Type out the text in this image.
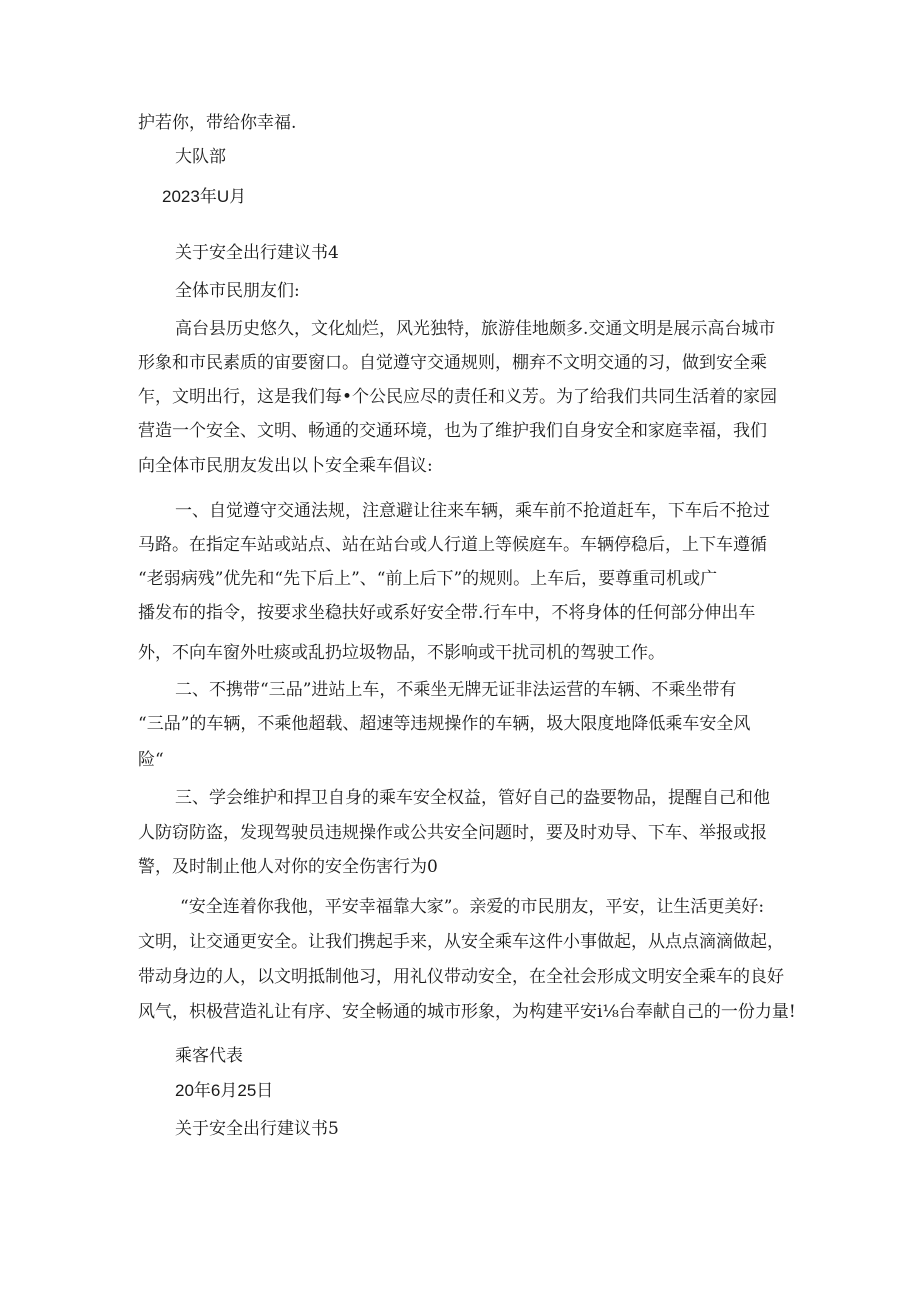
护若你，带给你幸福.
大队部
2023年U月
关于安全出行建议书4
全体市民朋友们:
高台县历史悠久，文化灿烂，风光独特，旅游佳地颇多.交通文明是展示高台城市
形象和市民素质的宙要窗口。自觉遵守交通规则，棚弃不文明交通的习，做到安全乘
乍，文明出行，这是我们每•个公民应尽的责任和义芳。为了给我们共同生活着的家园
营造一个安全、文明、畅通的交通环境，也为了维护我们自身安全和家庭幸福，我们
向全体市民朋友发出以卜安全乘车倡议:
一、自觉遵守交通法规，注意避让往来车辆，乘车前不抢道赶车，下车后不抢过
马路。在指定车站或站点、站在站台或人行道上等候庭车。车辆停稳后，上下车遵循
“老弱病残”优先和“先下后上”、“前上后下”的规则。上车后，要尊重司机或广
播发布的指令，按要求坐稳扶好或系好安全带.行车中，不将身体的任何部分伸出车
外，不向车窗外吐痰或乱扔垃圾物品，不影响或干扰司机的驾驶工作。
二、不携带“三品”进站上车，不乘坐无牌无证非法运营的车辆、不乘坐带有
“三品”的车辆，不乘他超载、超速等违规操作的车辆，圾大限度地降低乘车安全风
险“
三、学会维护和捍卫自身的乘车安全权益，管好自己的盎要物品，提醒自己和他
人防窃防盗，发现驾驶员违规操作或公共安全问题时，要及时劝导、下车、举报或报
警，及时制止他人对你的安全伤害行为0
“安全连着你我他，平安幸福靠大家”。亲爱的市民朋友，平安，让生活更美好:
文明，让交通更安全。让我们携起手来，从安全乘车这件小事做起，从点点滴滴做起，
带动身边的人，以文明抵制他习，用礼仪带动安全，在全社会形成文明安全乘车的良好
风气，枳极营造礼让有序、安全畅通的城市形象，为构建平安i⅛台奉献自己的一份力量!
乘客代表
20年6月25日
关于安全出行建议书5
